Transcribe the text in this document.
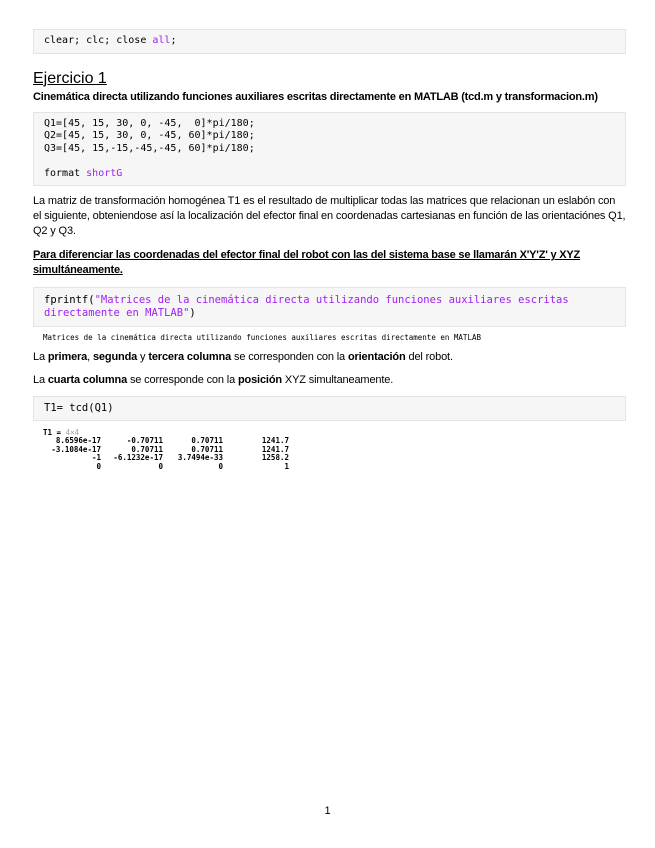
clear; clc; close all;
Ejercicio 1
Cinemática directa utilizando funciones auxiliares escritas directamente en MATLAB (tcd.m y transformacion.m)
Q1=[45, 15, 30, 0, -45,  0]*pi/180;
Q2=[45, 15, 30, 0, -45, 60]*pi/180;
Q3=[45, 15,-15,-45,-45, 60]*pi/180;
format shortG
La matriz de transformación homogénea T1 es el resultado de multiplicar todas las matrices que relacionan un eslabón con el siguiente, obteniendose así la localización del efector final en coordenadas cartesianas en función de las orientaciónes Q1, Q2 y Q3.
Para diferenciar las coordenadas del efector final del robot con las del sistema base se llamarán X'Y'Z' y XYZ simultáneamente.
fprintf("Matrices de la cinemática directa utilizando funciones auxiliares escritas
directamente en MATLAB")
Matrices de la cinemática directa utilizando funciones auxiliares escritas directamente en MATLAB
La primera, segunda y tercera columna se corresponden con la orientación del robot.
La cuarta columna se corresponde con la posición XYZ simultaneamente.
T1= tcd(Q1)
T1 = 4×4
8.6596e-17	-0.70711	0.70711	1241.7
-3.1084e-17	0.70711	0.70711	1241.7
-1	-6.1232e-17	3.7494e-33	1258.2
0	0	0	1
1
